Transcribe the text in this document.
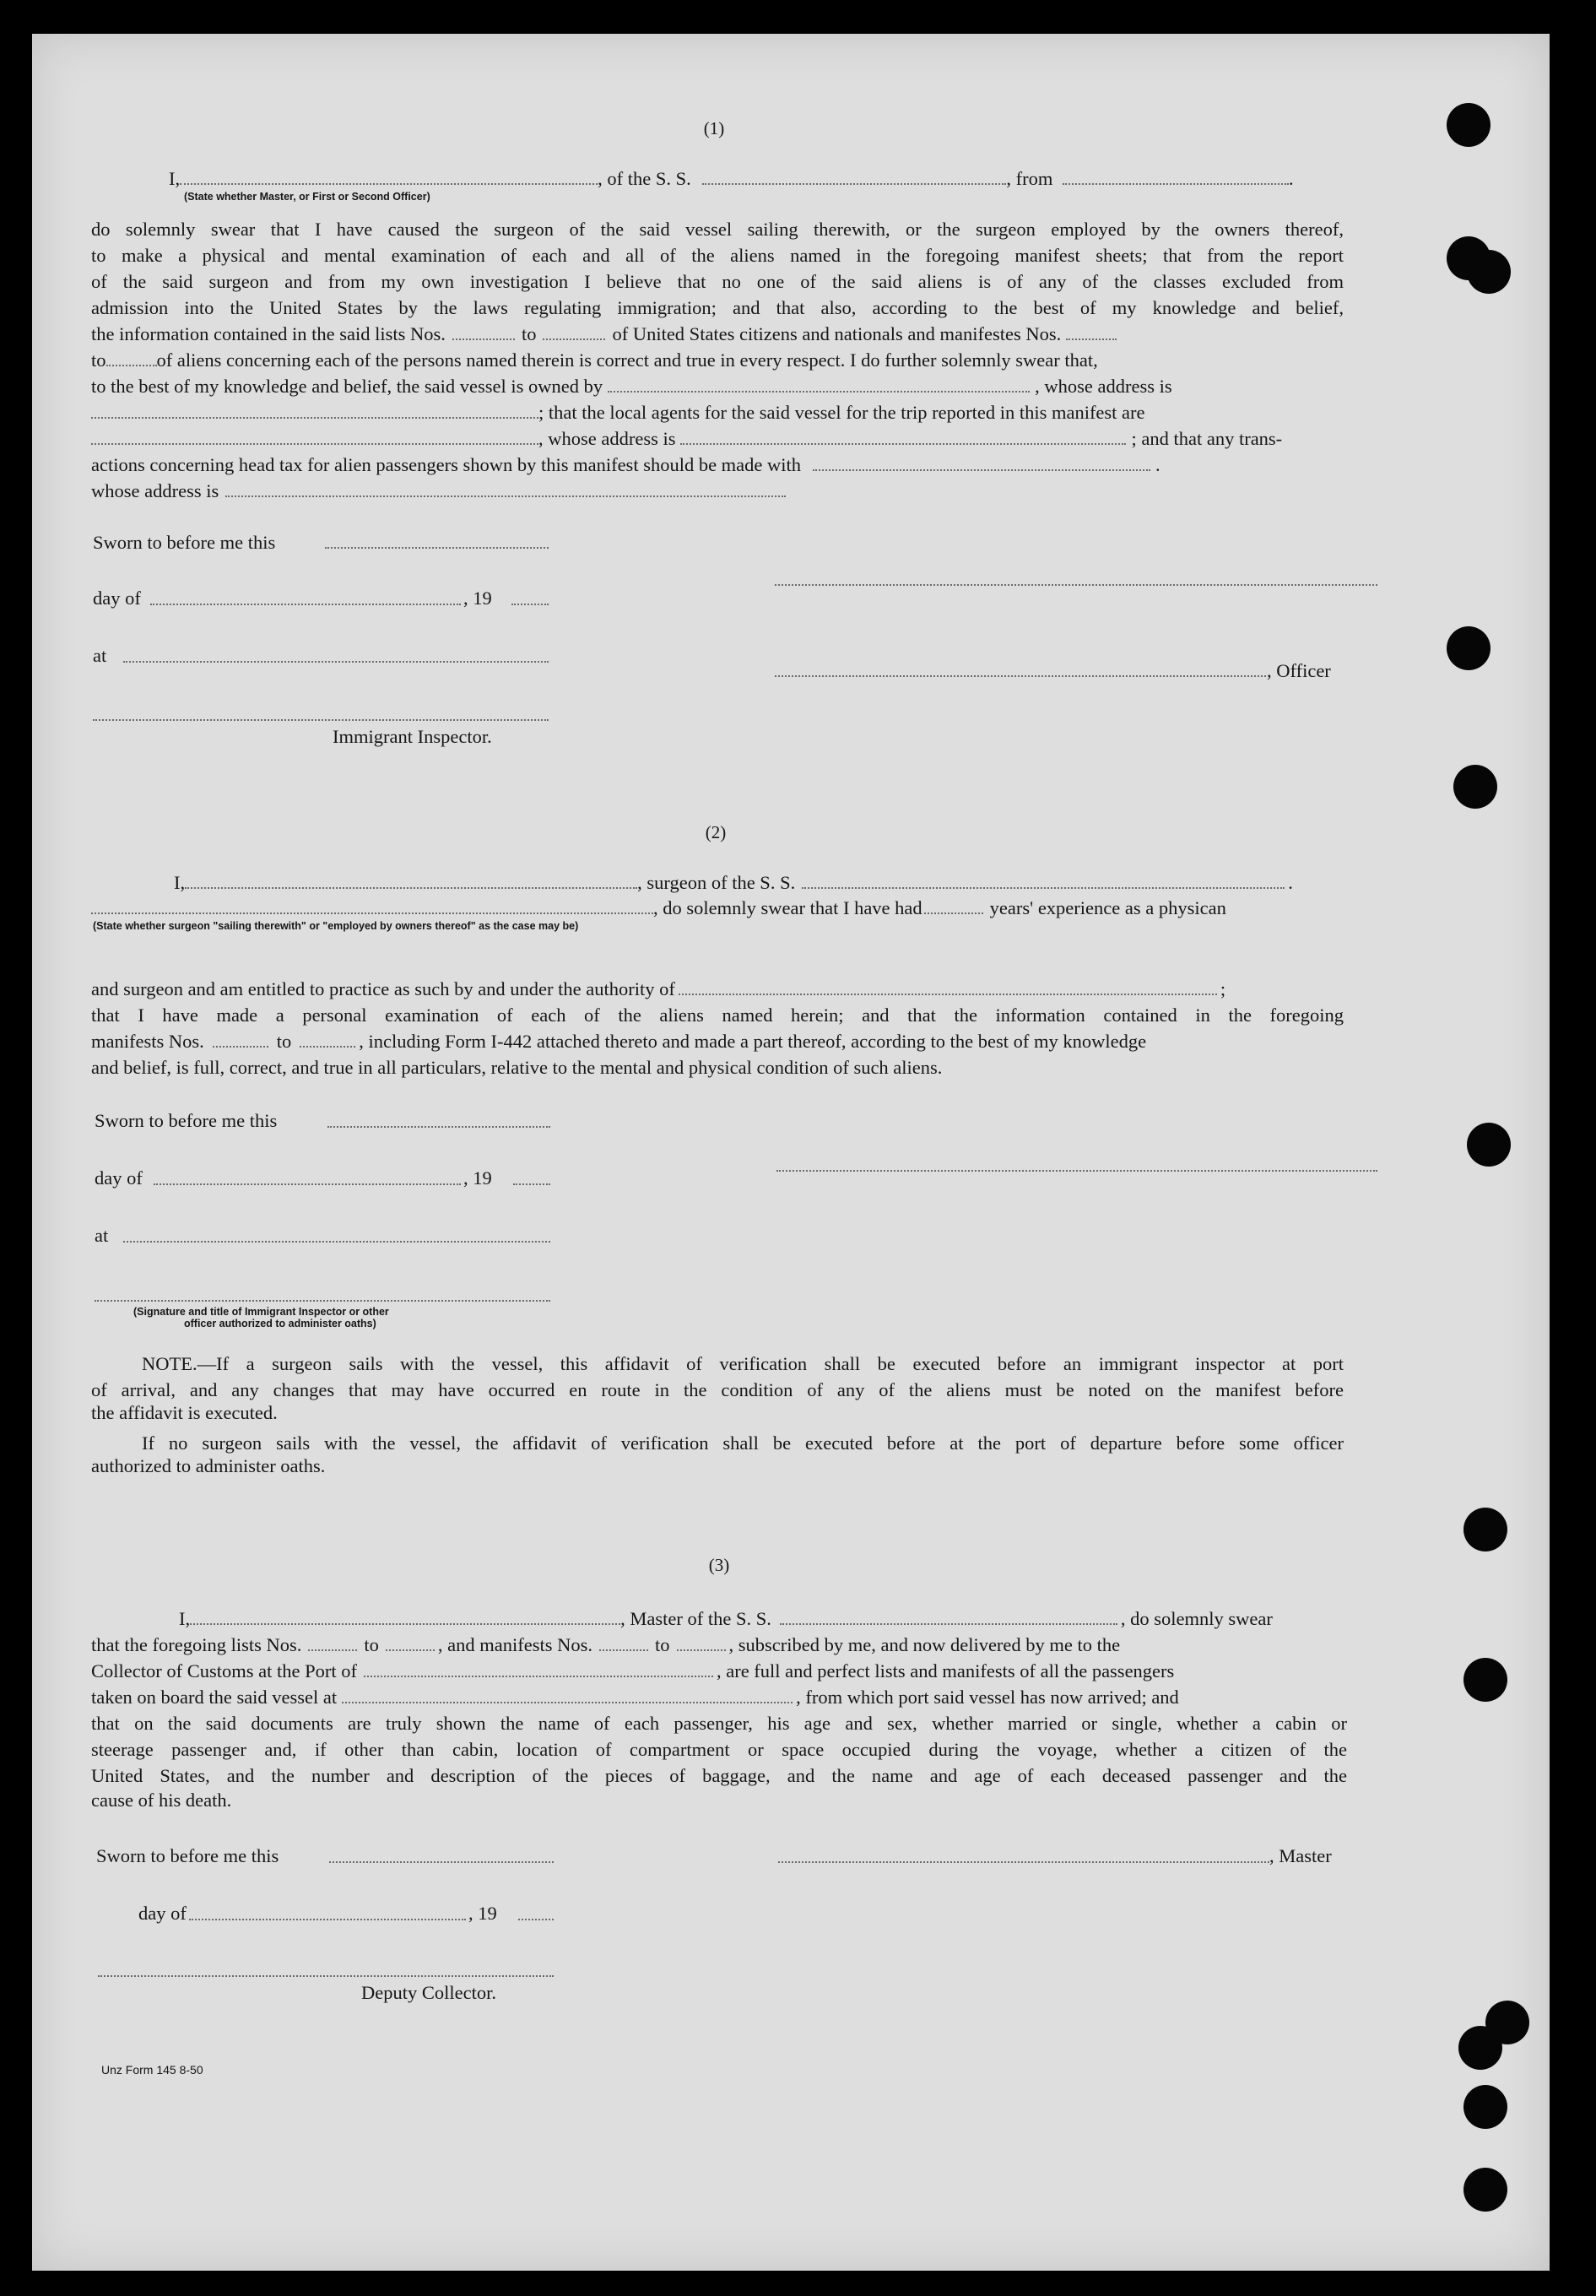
(1)
I,	, of the S. S.	, from	.
(State whether Master, or First or Second Officer)
do solemnly swear that I have caused the surgeon of the said vessel sailing therewith, or the surgeon employed by the owners thereof,
to make a physical and mental examination of each and all of the aliens named in the foregoing manifest sheets; that from the report
of the said surgeon and from my own investigation I believe that no one of the said aliens is of any of the classes excluded from
admission into the United States by the laws regulating immigration; and that also, according to the best of my knowledge and belief,
the information contained in the said lists Nos.	to	of United States citizens and nationals and manifestes Nos.
to	of aliens concerning each of the persons named therein is correct and true in every respect. I do further solemnly swear that,
to the best of my knowledge and belief, the said vessel is owned by	, whose address is
; that the local agents for the said vessel for the trip reported in this manifest are
, whose address is	; and that any trans-
actions concerning head tax for alien passengers shown by this manifest should be made with	.
whose address is
Sworn to before me this
day of	, 19
at
, Officer
Immigrant Inspector.
(2)
I,	, surgeon of the S. S.	.
, do solemnly swear that I have had	years' experience as a physican
(State whether surgeon "sailing therewith" or "employed by owners thereof" as the case may be)
and surgeon and am entitled to practice as such by and under the authority of	;
that I have made a personal examination of each of the aliens named herein; and that the information contained in the foregoing
manifests Nos.	to	, including Form I-442 attached thereto and made a part thereof, according to the best of my knowledge
and belief, is full, correct, and true in all particulars, relative to the mental and physical condition of such aliens.
Sworn to before me this
day of	, 19
at
(Signature and title of Immigrant Inspector or other
officer authorized to administer oaths)
NOTE.—If a surgeon sails with the vessel, this affidavit of verification shall be executed before an immigrant inspector at port
of arrival, and any changes that may have occurred en route in the condition of any of the aliens must be noted on the manifest before
the affidavit is executed.
If no surgeon sails with the vessel, the affidavit of verification shall be executed before at the port of departure before some officer
authorized to administer oaths.
(3)
I,	, Master of the S. S.	, do solemnly swear
that the foregoing lists Nos.	to	, and manifests Nos.	to	, subscribed by me, and now delivered by me to the
Collector of Customs at the Port of	, are full and perfect lists and manifests of all the passengers
taken on board the said vessel at	, from which port said vessel has now arrived; and
that on the said documents are truly shown the name of each passenger, his age and sex, whether married or single, whether a cabin or
steerage passenger and, if other than cabin, location of compartment or space occupied during the voyage, whether a citizen of the
United States, and the number and description of the pieces of baggage, and the name and age of each deceased passenger and the
cause of his death.
Sworn to before me this	, Master
day of	, 19
Deputy Collector.
Unz Form 145 8-50
